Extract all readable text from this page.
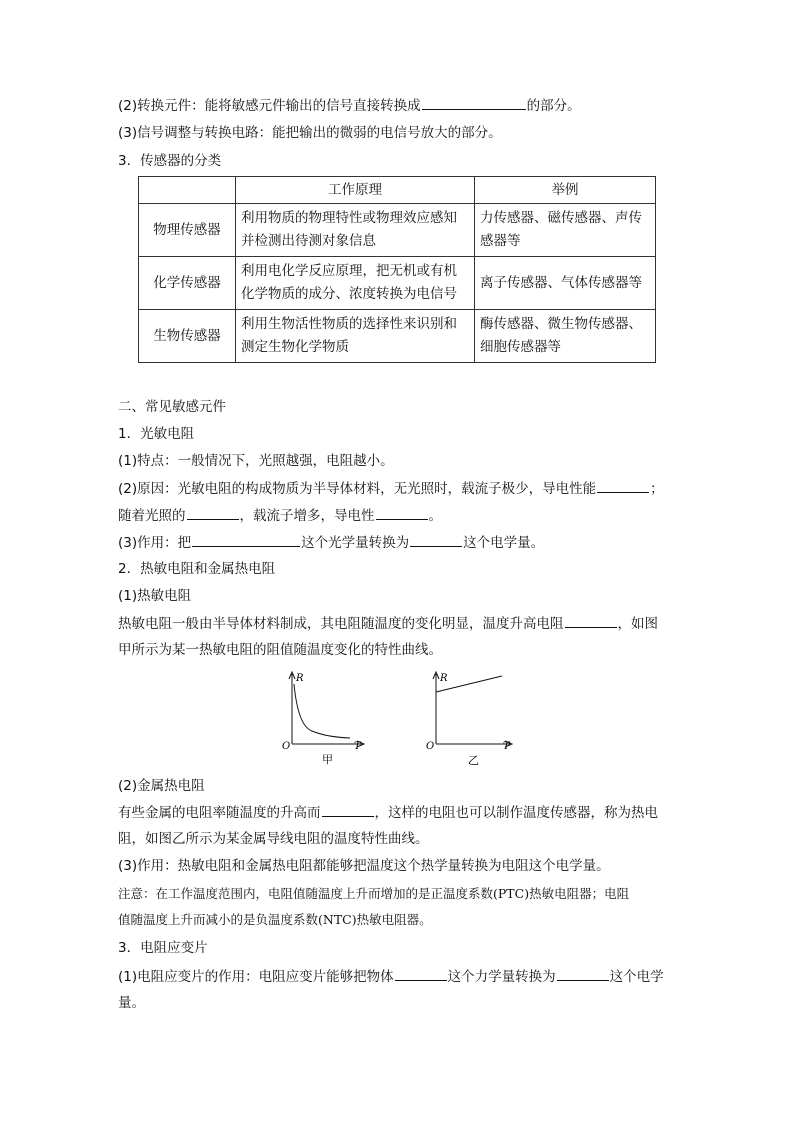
(2)转换元件：能将敏感元件输出的信号直接转换成	的部分。
(3)信号调整与转换电路：能把输出的微弱的电信号放大的部分。
3．传感器的分类
	工作原理	举例
物理传感器	利用物质的物理特性或物理效应感知并检测出待测对象信息	力传感器、磁传感器、声传感器等
化学传感器	利用电化学反应原理，把无机或有机化学物质的成分、浓度转换为电信号	离子传感器、气体传感器等
生物传感器	利用生物活性物质的选择性来识别和测定生物化学物质	酶传感器、微生物传感器、细胞传感器等
二、常见敏感元件
1．光敏电阻
(1)特点：一般情况下，光照越强，电阻越小。
(2)原因：光敏电阻的构成物质为半导体材料，无光照时，载流子极少，导电性能	；
随着光照的	，载流子增多，导电性	。
(3)作用：把	这个光学量转换为	这个电学量。
2．热敏电阻和金属热电阻
(1)热敏电阻
热敏电阻一般由半导体材料制成，其电阻随温度的变化明显，温度升高电阻	，如图
甲所示为某一热敏电阻的阻值随温度变化的特性曲线。
R
O	T
甲
R
O	T
乙
(2)金属热电阻
有些金属的电阻率随温度的升高而	，这样的电阻也可以制作温度传感器，称为热电
阻，如图乙所示为某金属导线电阻的温度特性曲线。
(3)作用：热敏电阻和金属热电阻都能够把温度这个热学量转换为电阻这个电学量。
注意：在工作温度范围内，电阻值随温度上升而增加的是正温度系数(PTC)热敏电阻器；电阻
值随温度上升而减小的是负温度系数(NTC)热敏电阻器。
3．电阻应变片
(1)电阻应变片的作用：电阻应变片能够把物体	这个力学量转换为	这个电学
量。
